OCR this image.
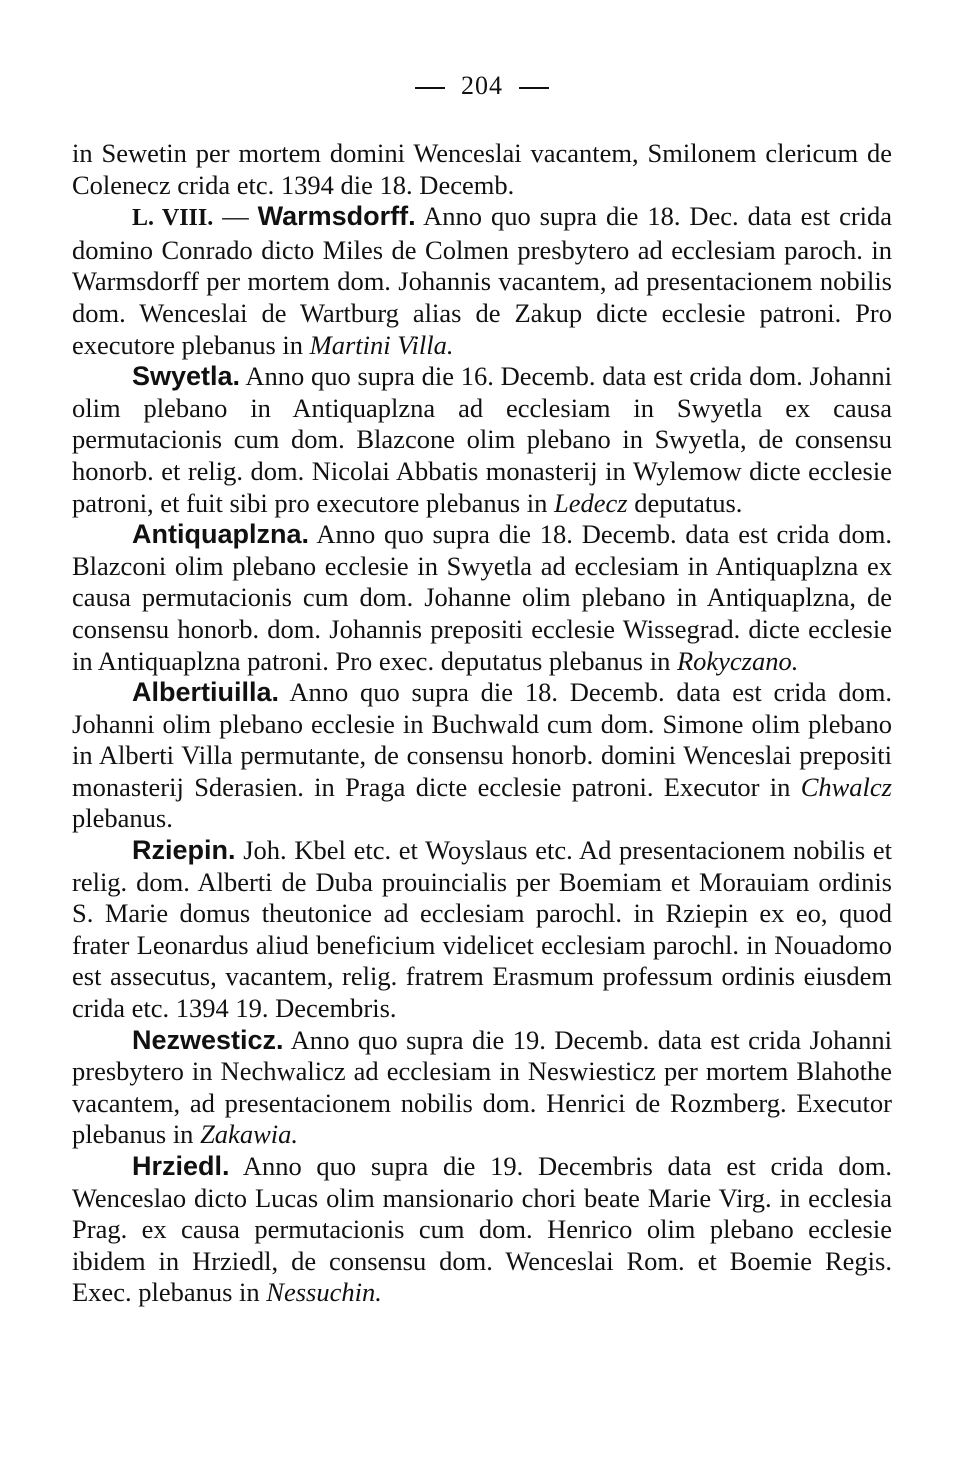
204

in Sewetin per mortem domini Wenceslai vacantem, Smilonem clericum de Colenecz crida etc. 1394 die 18. Decemb.

L. VIII. — Warmsdorff. Anno quo supra die 18. Dec. data est crida domino Conrado dicto Miles de Colmen presbytero ad ecclesiam paroch. in Warmsdorff per mortem dom. Johannis vacantem, ad presentacionem nobilis dom. Wenceslai de Wartburg alias de Zakup dicte ecclesie patroni. Pro executore plebanus in Martini Villa.

Swyetla. Anno quo supra die 16. Decemb. data est crida dom. Johanni olim plebano in Antiquaplzna ad ecclesiam in Swyetla ex causa permutacionis cum dom. Blazcone olim plebano in Swyetla, de consensu honorb. et relig. dom. Nicolai Abbatis monasterij in Wylemow dicte ecclesie patroni, et fuit sibi pro executore plebanus in Ledecz deputatus.

Antiquaplzna. Anno quo supra die 18. Decemb. data est crida dom. Blazconi olim plebano ecclesie in Swyetla ad ecclesiam in Antiquaplzna ex causa permutacionis cum dom. Johanne olim plebano in Antiquaplzna, de consensu honorb. dom. Johannis prepositi ecclesie Wissegrad. dicte ecclesie in Antiquaplzna patroni. Pro exec. deputatus plebanus in Rokyczano.

Albertiuilla. Anno quo supra die 18. Decemb. data est crida dom. Johanni olim plebano ecclesie in Buchwald cum dom. Simone olim plebano in Alberti Villa permutante, de consensu honorb. domini Wenceslai prepositi monasterij Sderasien. in Praga dicte ecclesie patroni. Executor in Chwalcz plebanus.

Rziepin. Joh. Kbel etc. et Woyslaus etc. Ad presentacionem nobilis et relig. dom. Alberti de Duba prouincialis per Boemiam et Morauiam ordinis S. Marie domus theutonice ad ecclesiam parochl. in Rziepin ex eo, quod frater Leonardus aliud beneficium videlicet ecclesiam parochl. in Nouadomo est assecutus, vacantem, relig. fratrem Erasmum professum ordinis eiusdem crida etc. 1394 19. Decembris.

Nezwesticz. Anno quo supra die 19. Decemb. data est crida Johanni presbytero in Nechwalicz ad ecclesiam in Neswiesticz per mortem Blahothe vacantem, ad presentacionem nobilis dom. Henrici de Rozmberg. Executor plebanus in Zakawia.

Hrziedl. Anno quo supra die 19. Decembris data est crida dom. Wenceslao dicto Lucas olim mansionario chori beate Marie Virg. in ecclesia Prag. ex causa permutacionis cum dom. Henrico olim plebano ecclesie ibidem in Hrziedl, de consensu dom. Wenceslai Rom. et Boemie Regis. Exec. plebanus in Nessuchin.
